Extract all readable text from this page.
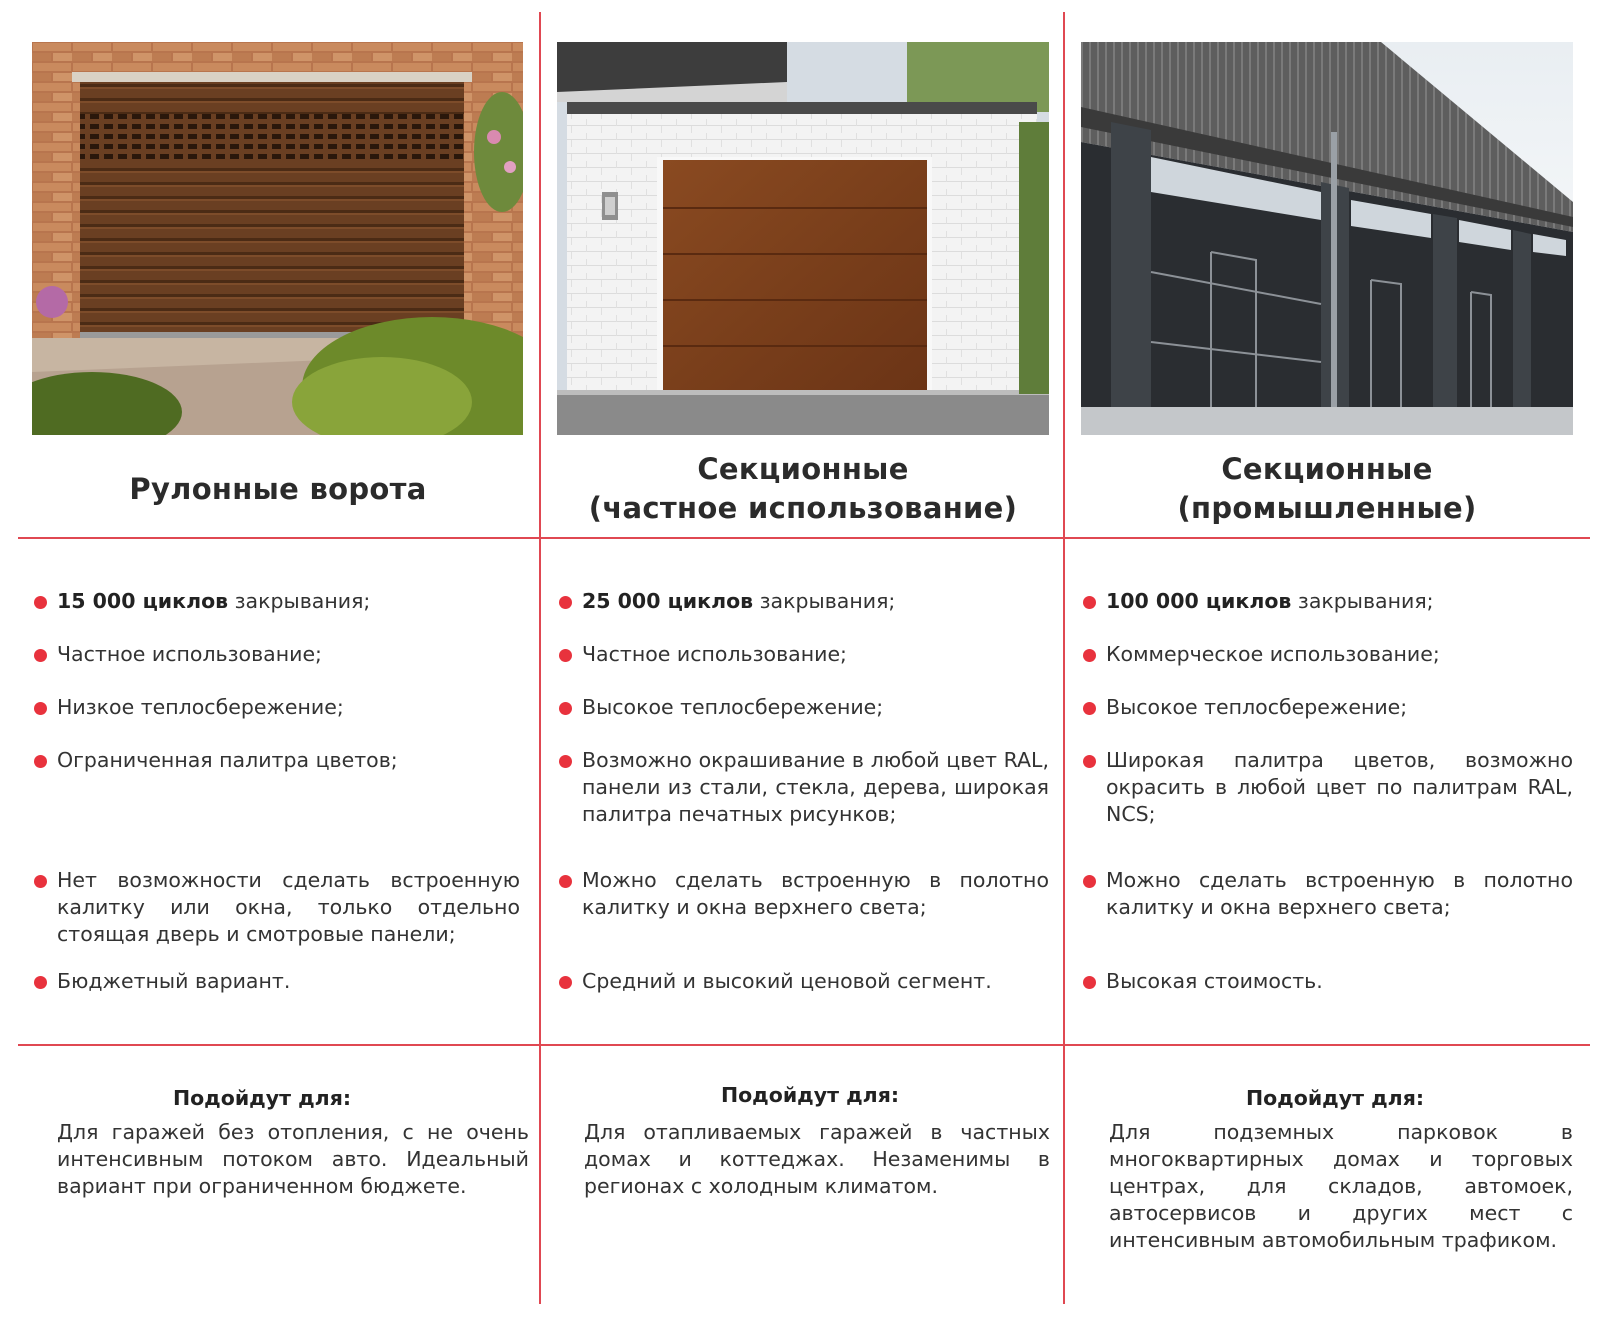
Рулонные ворота
Секционные
(частное использование)
Секционные
(промышленные)
15 000 циклов закрывания;
Частное использование;
Низкое теплосбережение;
Ограниченная палитра цветов;
Нет возможности сделать встроенную калитку или окна, только отдельно стоящая дверь и смотровые панели;
Бюджетный вариант.
25 000 циклов закрывания;
Частное использование;
Высокое теплосбережение;
Возможно окрашивание в любой цвет RAL, панели из стали, стекла, дерева, широкая палитра печатных рисунков;
Можно сделать встроенную в полотно калитку и окна верхнего света;
Средний и высокий ценовой сегмент.
100 000 циклов закрывания;
Коммерческое использование;
Высокое теплосбережение;
Широкая палитра цветов, возможно окрасить в любой цвет по палитрам RAL, NCS;
Можно сделать встроенную в полотно калитку и окна верхнего света;
Высокая стоимость.
Подойдут для:
Для гаражей без отопления, с не очень интенсивным потоком авто. Идеальный вариант при ограниченном бюджете.
Подойдут для:
Для отапливаемых гаражей в частных домах и коттеджах. Незаменимы в регионах с холодным климатом.
Подойдут для:
Для подземных парковок в многоквартирных домах и торговых центрах, для складов, автомоек, автосервисов и других мест с интенсивным автомобильным трафиком.
